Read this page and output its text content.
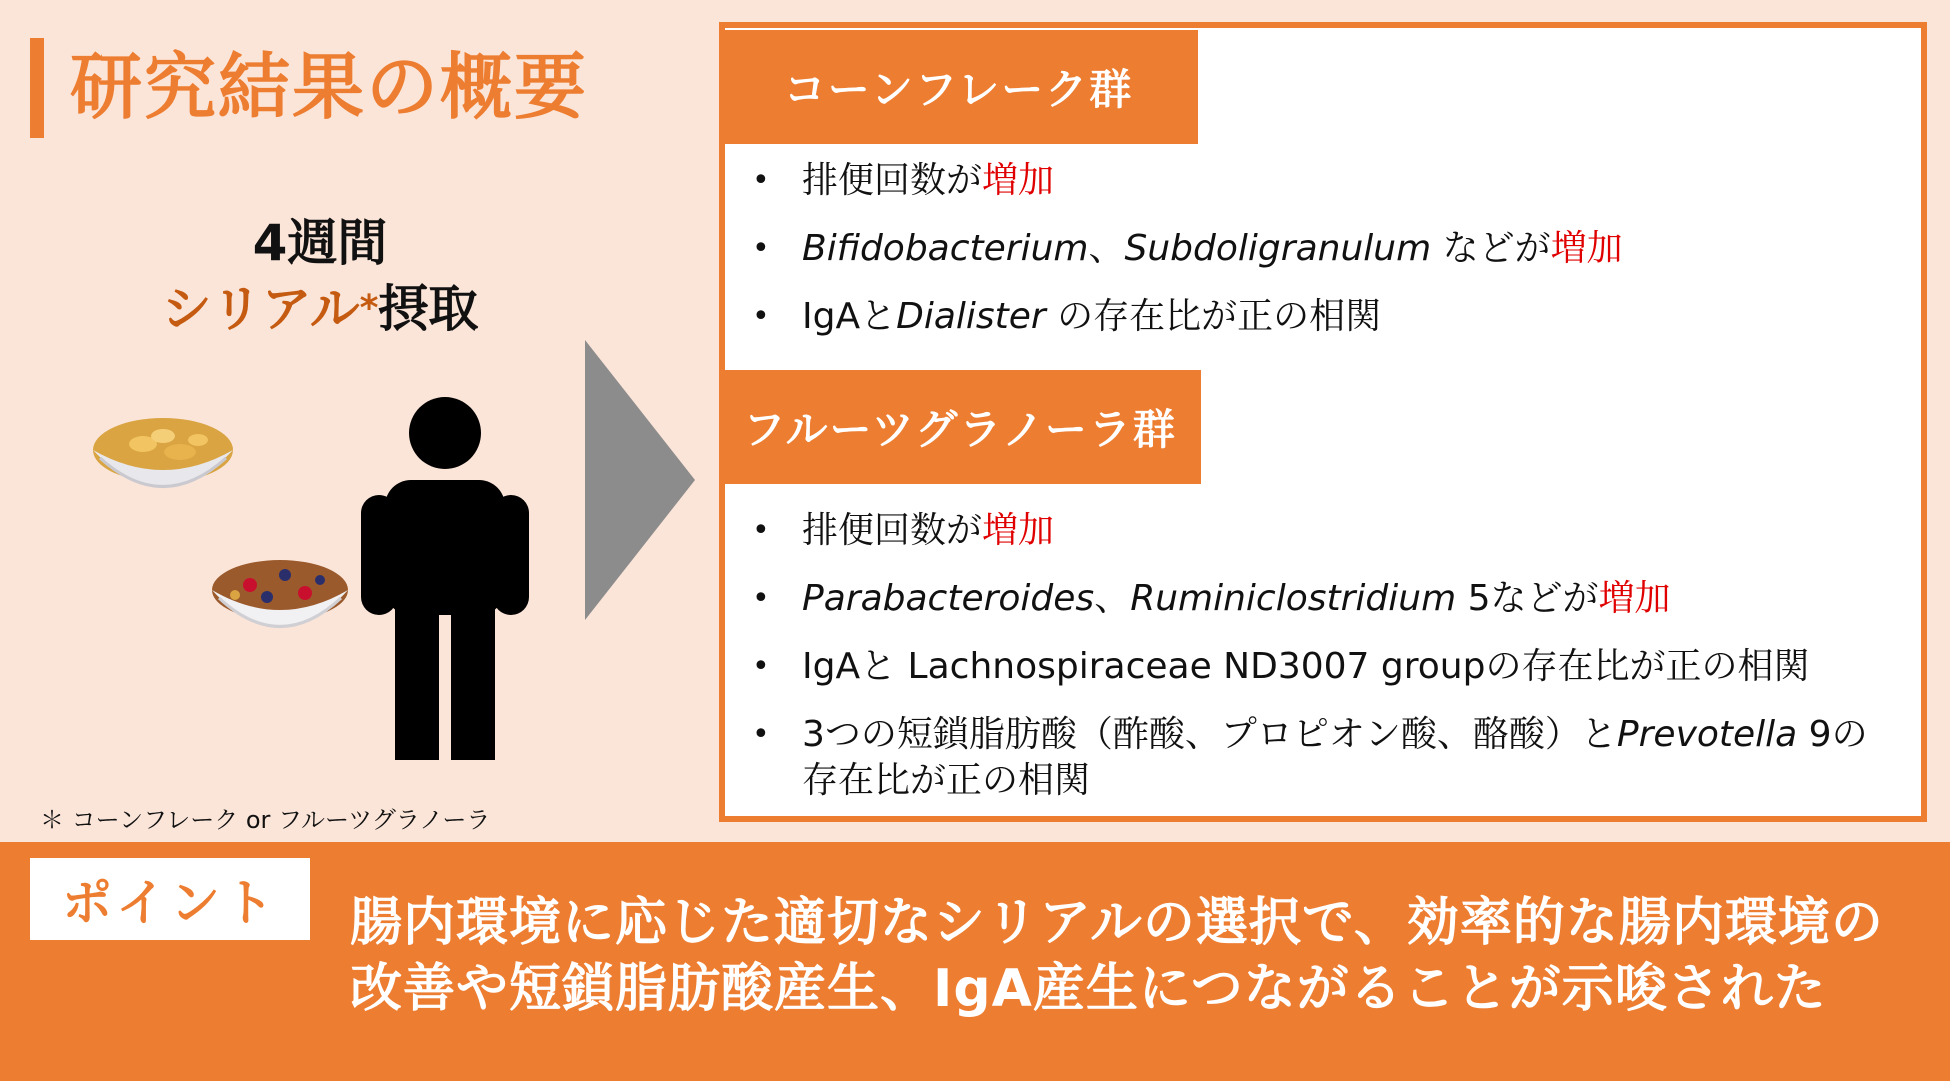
研究結果の概要
4週間
シリアル*摂取
＊ コーンフレーク or フルーツグラノーラ
コーンフレーク群
• 排便回数が増加
• Bifidobacterium、Subdoligranulum などが増加
• IgAとDialister の存在比が正の相関
フルーツグラノーラ群
• 排便回数が増加
• Parabacteroides、Ruminiclostridium 5などが増加
• IgAと Lachnospiraceae ND3007 groupの存在比が正の相関
• 3つの短鎖脂肪酸（酢酸、プロピオン酸、酪酸）とPrevotella 9の存在比が正の相関
ポイント	腸内環境に応じた適切なシリアルの選択で、効率的な腸内環境の改善や短鎖脂肪酸産生、IgA産生につながることが示唆された
